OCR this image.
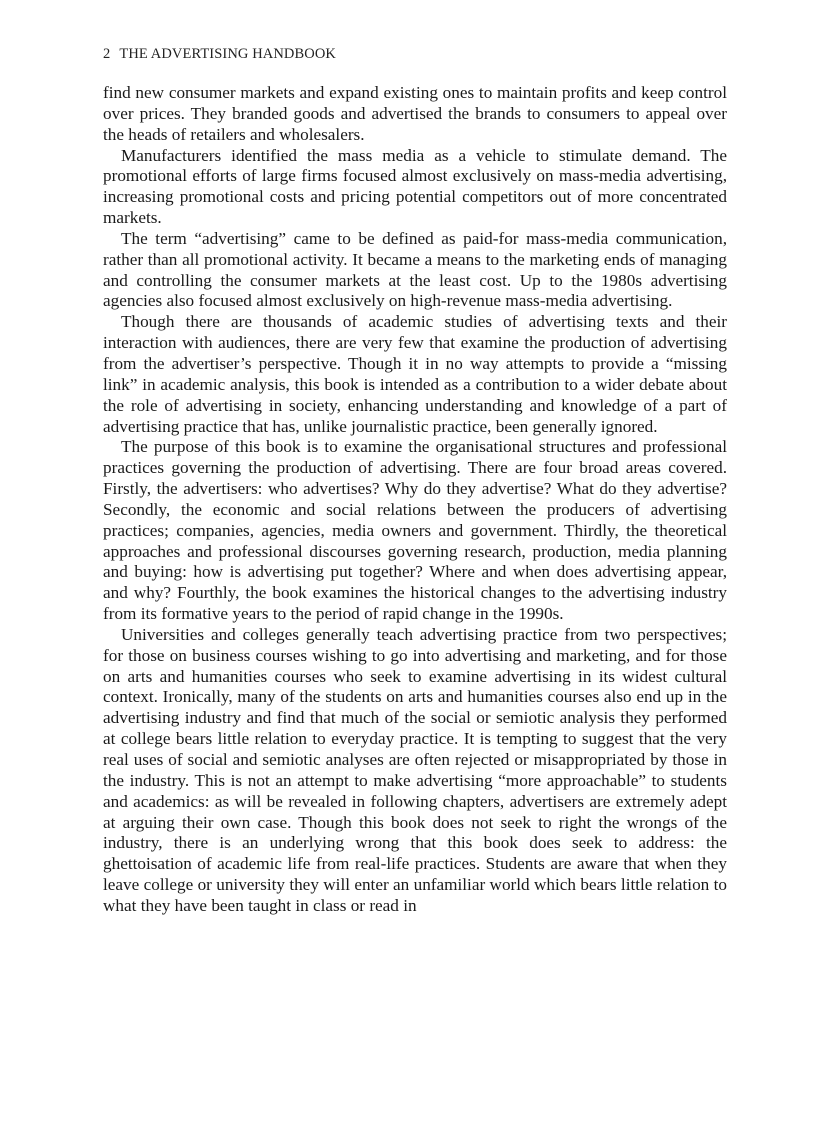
2 THE ADVERTISING HANDBOOK

find new consumer markets and expand existing ones to maintain profits and keep control over prices. They branded goods and advertised the brands to consumers to appeal over the heads of retailers and wholesalers.

Manufacturers identified the mass media as a vehicle to stimulate demand. The promotional efforts of large firms focused almost exclusively on mass-media advertising, increasing promotional costs and pricing potential competitors out of more concentrated markets.

The term “advertising” came to be defined as paid-for mass-media communication, rather than all promotional activity. It became a means to the marketing ends of managing and controlling the consumer markets at the least cost. Up to the 1980s advertising agencies also focused almost exclusively on high-revenue mass-media advertising.

Though there are thousands of academic studies of advertising texts and their interaction with audiences, there are very few that examine the production of advertising from the advertiser’s perspective. Though it in no way attempts to provide a “missing link” in academic analysis, this book is intended as a contribution to a wider debate about the role of advertising in society, enhancing understanding and knowledge of a part of advertising practice that has, unlike journalistic practice, been generally ignored.

The purpose of this book is to examine the organisational structures and professional practices governing the production of advertising. There are four broad areas covered. Firstly, the advertisers: who advertises? Why do they advertise? What do they advertise? Secondly, the economic and social relations between the producers of advertising practices; companies, agencies, media owners and government. Thirdly, the theoretical approaches and professional discourses governing research, production, media planning and buying: how is advertising put together? Where and when does advertising appear, and why? Fourthly, the book examines the historical changes to the advertising industry from its formative years to the period of rapid change in the 1990s.

Universities and colleges generally teach advertising practice from two perspectives; for those on business courses wishing to go into advertising and marketing, and for those on arts and humanities courses who seek to examine advertising in its widest cultural context. Ironically, many of the students on arts and humanities courses also end up in the advertising industry and find that much of the social or semiotic analysis they performed at college bears little relation to everyday practice. It is tempting to suggest that the very real uses of social and semiotic analyses are often rejected or misappropriated by those in the industry. This is not an attempt to make advertising “more approachable” to students and academics: as will be revealed in following chapters, advertisers are extremely adept at arguing their own case. Though this book does not seek to right the wrongs of the industry, there is an underlying wrong that this book does seek to address: the ghettoisation of academic life from real-life practices. Students are aware that when they leave college or university they will enter an unfamiliar world which bears little relation to what they have been taught in class or read in
